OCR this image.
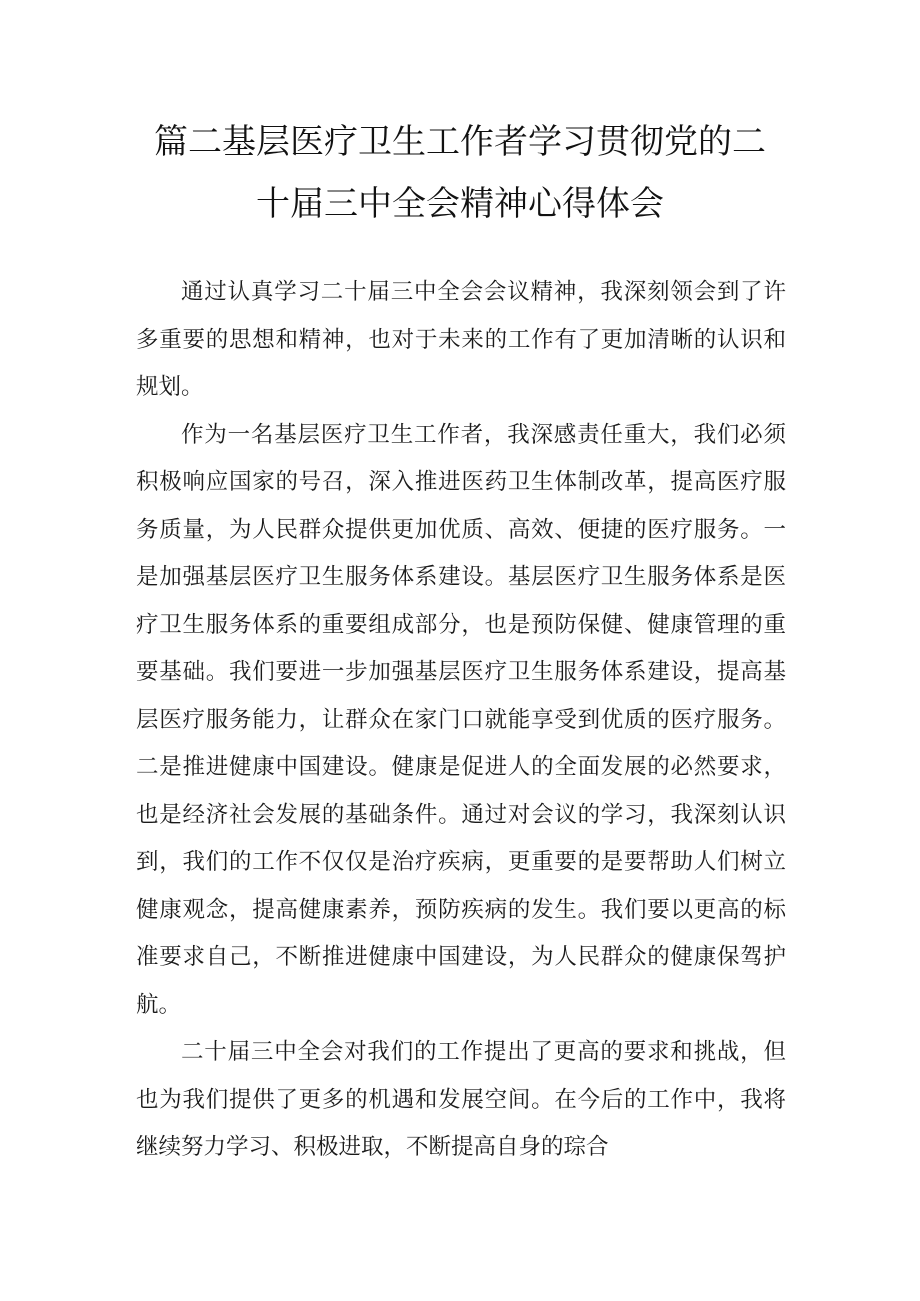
篇二基层医疗卫生工作者学习贯彻党的二
十届三中全会精神心得体会

通过认真学习二十届三中全会会议精神，我深刻领会到了许多重要的思想和精神，也对于未来的工作有了更加清晰的认识和规划。

作为一名基层医疗卫生工作者，我深感责任重大，我们必须积极响应国家的号召，深入推进医药卫生体制改革，提高医疗服务质量，为人民群众提供更加优质、高效、便捷的医疗服务。一是加强基层医疗卫生服务体系建设。基层医疗卫生服务体系是医疗卫生服务体系的重要组成部分，也是预防保健、健康管理的重要基础。我们要进一步加强基层医疗卫生服务体系建设，提高基层医疗服务能力，让群众在家门口就能享受到优质的医疗服务。二是推进健康中国建设。健康是促进人的全面发展的必然要求，也是经济社会发展的基础条件。通过对会议的学习，我深刻认识到，我们的工作不仅仅是治疗疾病，更重要的是要帮助人们树立健康观念，提高健康素养，预防疾病的发生。我们要以更高的标准要求自己，不断推进健康中国建设，为人民群众的健康保驾护航。

二十届三中全会对我们的工作提出了更高的要求和挑战，但也为我们提供了更多的机遇和发展空间。在今后的工作中，我将继续努力学习、积极进取，不断提高自身的琮合
